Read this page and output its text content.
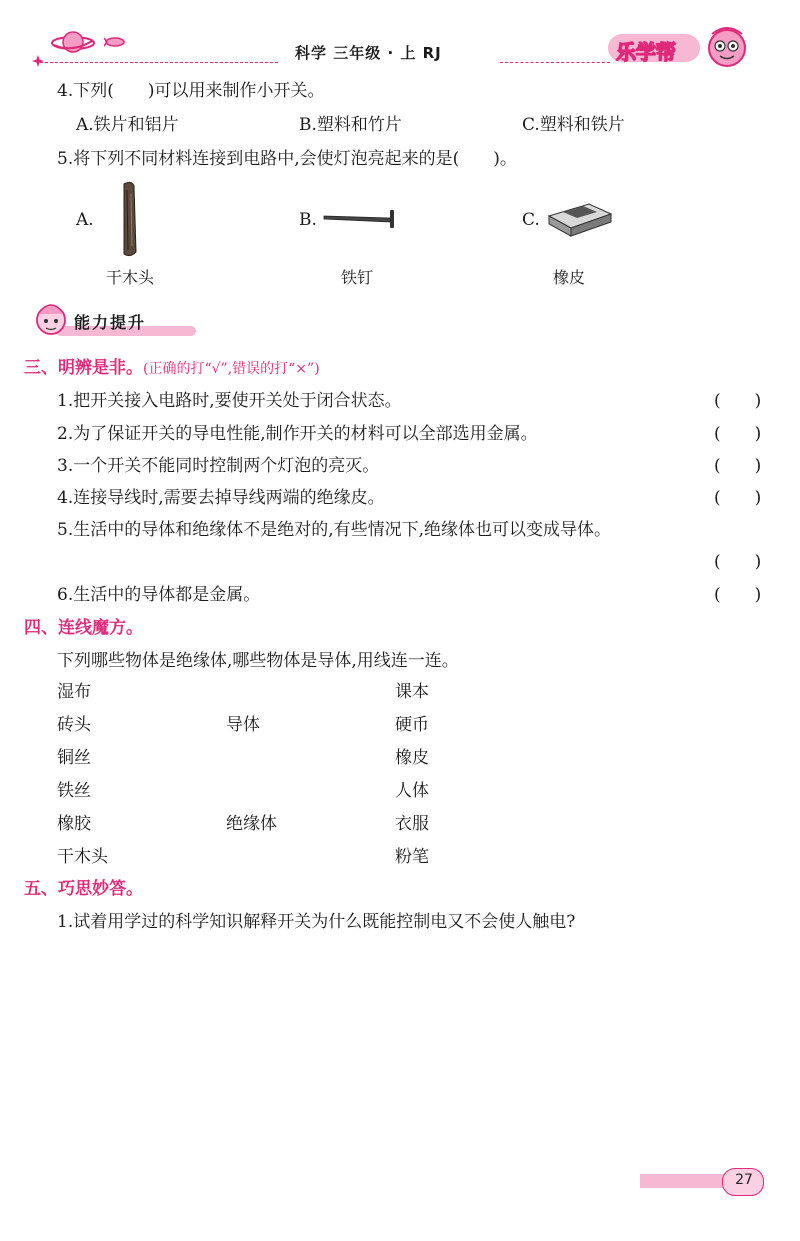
科学 三年级 · 上 RJ	乐学帮
4.下列(　　)可以用来制作小开关。
A.铁片和铝片	B.塑料和竹片	C.塑料和铁片
5.将下列不同材料连接到电路中,会使灯泡亮起来的是(　　)。
A.
干木头
B.
铁钉
C.
橡皮
能力提升
三、明辨是非。(正确的打“√”,错误的打“×”)
1.把开关接入电路时,要使开关处于闭合状态。	(　　)
2.为了保证开关的导电性能,制作开关的材料可以全部选用金属。	(　　)
3.一个开关不能同时控制两个灯泡的亮灭。	(　　)
4.连接导线时,需要去掉导线两端的绝缘皮。	(　　)
5.生活中的导体和绝缘体不是绝对的,有些情况下,绝缘体也可以变成导体。
(　　)
6.生活中的导体都是金属。	(　　)
四、连线魔方。
下列哪些物体是绝缘体,哪些物体是导体,用线连一连。
湿布
砖头
铜丝
铁丝
橡胶
干木头
导体
绝缘体
课本
硬币
橡皮
人体
衣服
粉笔
五、巧思妙答。
1.试着用学过的科学知识解释开关为什么既能控制电又不会使人触电?
27
